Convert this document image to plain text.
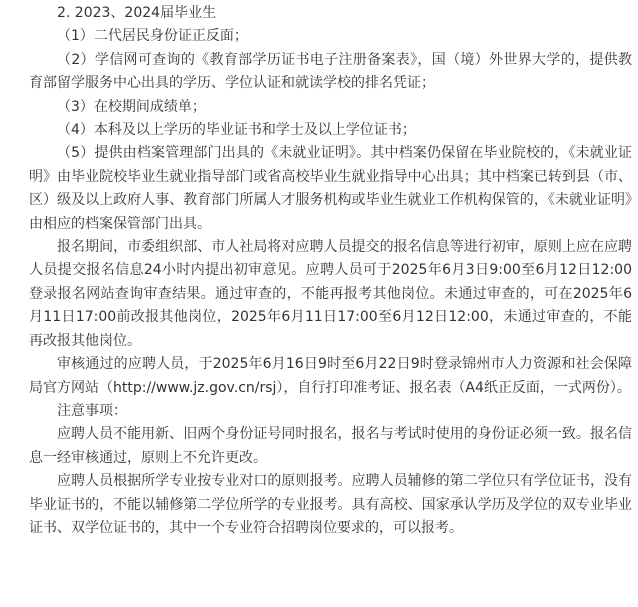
2. 2023、2024届毕业生

（1）二代居民身份证正反面；

（2）学信网可查询的《教育部学历证书电子注册备案表》，国（境）外世界大学的，提供教育部留学服务中心出具的学历、学位认证和就读学校的排名凭证；

（3）在校期间成绩单；

（4）本科及以上学历的毕业证书和学士及以上学位证书；

（5）提供由档案管理部门出具的《未就业证明》。其中档案仍保留在毕业院校的，《未就业证明》由毕业院校毕业生就业指导部门或省高校毕业生就业指导中心出具；其中档案已转到县（市、区）级及以上政府人事、教育部门所属人才服务机构或毕业生就业工作机构保管的，《未就业证明》由相应的档案保管部门出具。

报名期间，市委组织部、市人社局将对应聘人员提交的报名信息等进行初审，原则上应在应聘人员提交报名信息24小时内提出初审意见。应聘人员可于2025年6月3日9:00至6月12日12:00登录报名网站查询审查结果。通过审查的，不能再报考其他岗位。未通过审查的，可在2025年6月11日17:00前改报其他岗位，2025年6月11日17:00至6月12日12:00，未通过审查的，不能再改报其他岗位。

审核通过的应聘人员，于2025年6月16日9时至6月22日9时登录锦州市人力资源和社会保障局官方网站（http://www.jz.gov.cn/rsj），自行打印准考证、报名表（A4纸正反面，一式两份）。

注意事项：

应聘人员不能用新、旧两个身份证号同时报名，报名与考试时使用的身份证必须一致。报名信息一经审核通过，原则上不允许更改。

应聘人员根据所学专业按专业对口的原则报考。应聘人员辅修的第二学位只有学位证书，没有毕业证书的，不能以辅修第二学位所学的专业报考。具有高校、国家承认学历及学位的双专业毕业证书、双学位证书的，其中一个专业符合招聘岗位要求的，可以报考。
